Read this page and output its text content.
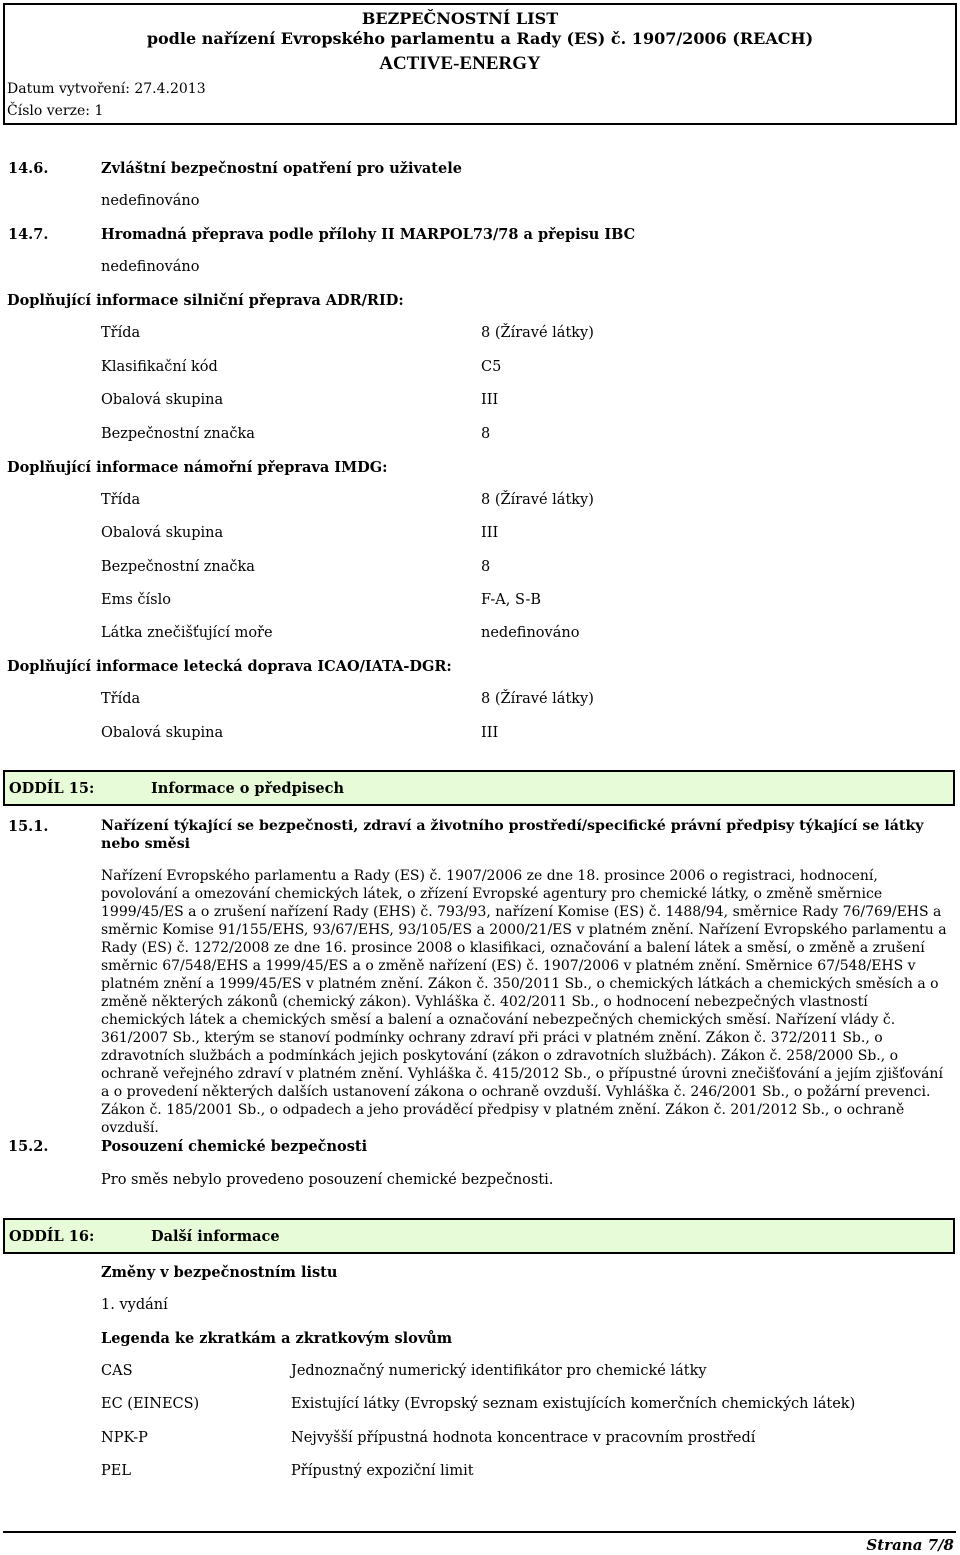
BEZPEČNOSTNÍ LIST
podle nařízení Evropského parlamentu a Rady (ES) č. 1907/2006 (REACH)
ACTIVE-ENERGY
Datum vytvoření: 27.4.2013
Číslo verze: 1
14.6.	Zvláštní bezpečnostní opatření pro uživatele
nedefinováno
14.7.	Hromadná přeprava podle přílohy II MARPOL73/78 a přepisu IBC
nedefinováno
Doplňující informace silniční přeprava ADR/RID:
Třída	8 (Žíravé látky)
Klasifikační kód	C5
Obalová skupina	III
Bezpečnostní značka	8
Doplňující informace námořní přeprava IMDG:
Třída	8 (Žíravé látky)
Obalová skupina	III
Bezpečnostní značka	8
Ems číslo	F-A, S-B
Látka znečišťující moře	nedefinováno
Doplňující informace letecká doprava ICAO/IATA-DGR:
Třída	8 (Žíravé látky)
Obalová skupina	III
ODDÍL 15:	Informace o předpisech
15.1.	Nařízení týkající se bezpečnosti, zdraví a životního prostředí/specifické právní předpisy týkající se látky nebo směsi
Nařízení Evropského parlamentu a Rady (ES) č. 1907/2006 ze dne 18. prosince 2006 o registraci, hodnocení, povolování a omezování chemických látek, o zřízení Evropské agentury pro chemické látky, o změně směrnice 1999/45/ES a o zrušení nařízení Rady (EHS) č. 793/93, nařízení Komise (ES) č. 1488/94, směrnice Rady 76/769/EHS a směrnic Komise 91/155/EHS, 93/67/EHS, 93/105/ES a 2000/21/ES v platném znění. Nařízení Evropského parlamentu a Rady (ES) č. 1272/2008 ze dne 16. prosince 2008 o klasifikaci, označování a balení látek a směsí, o změně a zrušení směrnic 67/548/EHS a 1999/45/ES a o změně nařízení (ES) č. 1907/2006 v platném znění. Směrnice 67/548/EHS v platném znění a 1999/45/ES v platném znění. Zákon č. 350/2011 Sb., o chemických látkách a chemických směsích a o změně některých zákonů (chemický zákon). Vyhláška č. 402/2011 Sb., o hodnocení nebezpečných vlastností chemických látek a chemických směsí a balení a označování nebezpečných chemických směsí. Nařízení vlády č. 361/2007 Sb., kterým se stanoví podmínky ochrany zdraví při práci v platném znění. Zákon č. 372/2011 Sb., o zdravotních službách a podmínkách jejich poskytování (zákon o zdravotních službách). Zákon č. 258/2000 Sb., o ochraně veřejného zdraví v platném znění. Vyhláška č. 415/2012 Sb., o přípustné úrovni znečišťování a jejím zjišťování a o provedení některých dalších ustanovení zákona o ochraně ovzduší. Vyhláška č. 246/2001 Sb., o požární prevenci. Zákon č. 185/2001 Sb., o odpadech a jeho prováděcí předpisy v platném znění. Zákon č. 201/2012 Sb., o ochraně ovzduší.
15.2.	Posouzení chemické bezpečnosti
Pro směs nebylo provedeno posouzení chemické bezpečnosti.
ODDÍL 16:	Další informace
Změny v bezpečnostním listu
1. vydání
Legenda ke zkratkám a zkratkovým slovům
CAS	Jednoznačný numerický identifikátor pro chemické látky
EC (EINECS)	Existující látky (Evropský seznam existujících komerčních chemických látek)
NPK-P	Nejvyšší přípustná hodnota koncentrace v pracovním prostředí
PEL	Přípustný expoziční limit
Strana 7/8
